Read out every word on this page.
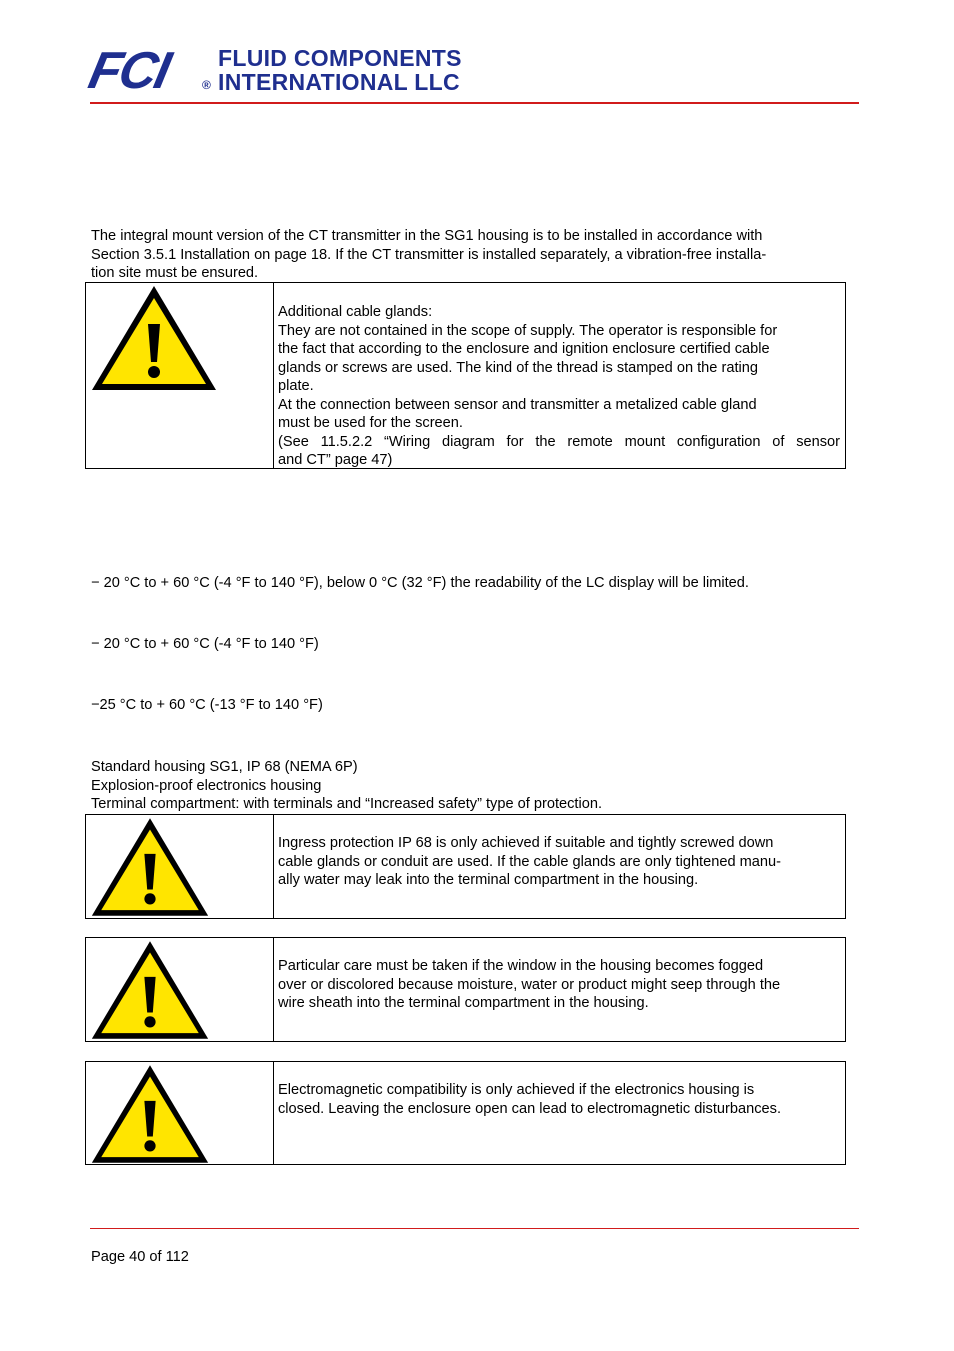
FCI ®
FLUID COMPONENTS
INTERNATIONAL LLC
The integral mount version of the CT transmitter in the SG1 housing is to be installed in accordance with
Section 3.5.1 Installation on page 18. If the CT transmitter is installed separately, a vibration-free installa-
tion site must be ensured.
Additional cable glands:
They are not contained in the scope of supply. The operator is responsible for
the fact that according to the enclosure and ignition enclosure certified cable
glands or screws are used. The kind of the thread is stamped on the rating
plate.
At the connection between sensor and transmitter a metalized cable gland
must be used for the screen.
(See 11.5.2.2 “Wiring diagram for the remote mount configuration of sensor
and CT” page 47)
− 20 °C to + 60 °C (-4 °F to 140 °F), below 0 °C (32 °F) the readability of the LC display will be limited.
− 20 °C to + 60 °C (-4 °F to 140 °F)
−25 °C to + 60 °C (-13 °F to 140 °F)
Standard housing SG1, IP 68 (NEMA 6P)
Explosion-proof electronics housing
Terminal compartment: with terminals and “Increased safety” type of protection.
Ingress protection IP 68 is only achieved if suitable and tightly screwed down
cable glands or conduit are used. If the cable glands are only tightened manu-
ally water may leak into the terminal compartment in the housing.
Particular care must be taken if the window in the housing becomes fogged
over or discolored because moisture, water or product might seep through the
wire sheath into the terminal compartment in the housing.
Electromagnetic compatibility is only achieved if the electronics housing is
closed. Leaving the enclosure open can lead to electromagnetic disturbances.
Page 40 of 112
